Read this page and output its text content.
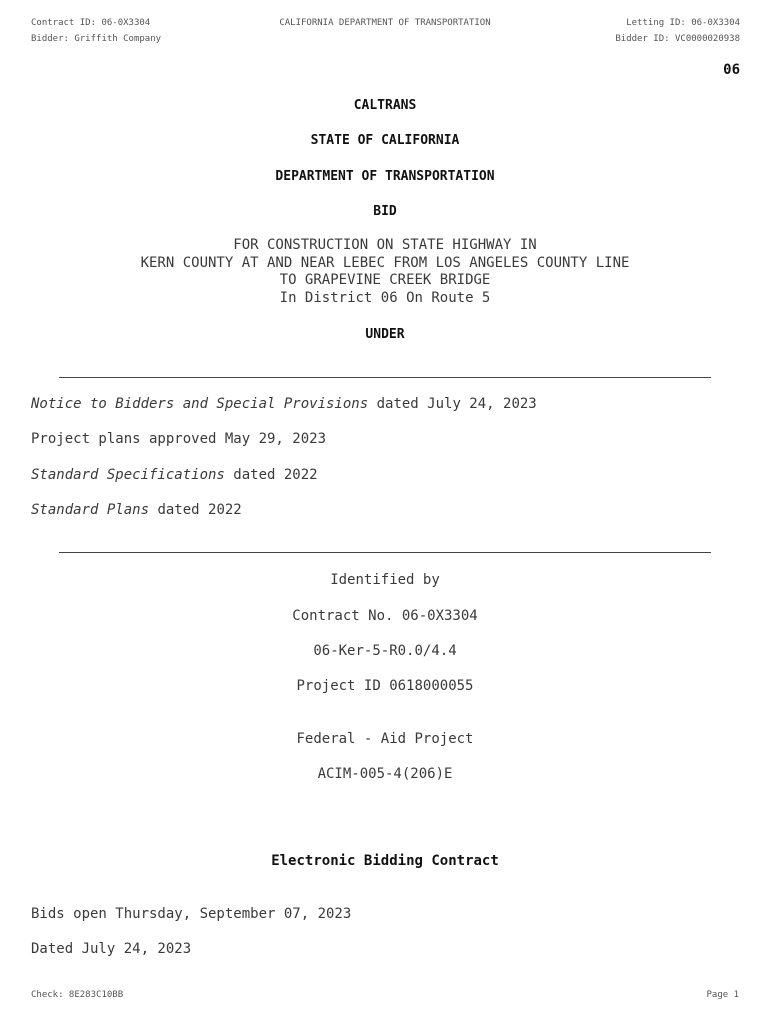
Contract ID: 06-0X3304	CALIFORNIA DEPARTMENT OF TRANSPORTATION	Letting ID: 06-0X3304
Bidder: Griffith Company	Bidder ID: VC0000020938
06
CALTRANS
STATE OF CALIFORNIA
DEPARTMENT OF TRANSPORTATION
BID
FOR CONSTRUCTION ON STATE HIGHWAY IN
KERN COUNTY AT AND NEAR LEBEC FROM LOS ANGELES COUNTY LINE
TO GRAPEVINE CREEK BRIDGE
In District 06 On Route 5
UNDER
Notice to Bidders and Special Provisions dated July 24, 2023
Project plans approved May 29, 2023
Standard Specifications dated 2022
Standard Plans dated 2022
Identified by
Contract No. 06-0X3304
06-Ker-5-R0.0/4.4
Project ID 0618000055
Federal - Aid Project
ACIM-005-4(206)E
Electronic Bidding Contract
Bids open Thursday, September 07, 2023
Dated July 24, 2023
Check: 8E283C10BB	Page 1
